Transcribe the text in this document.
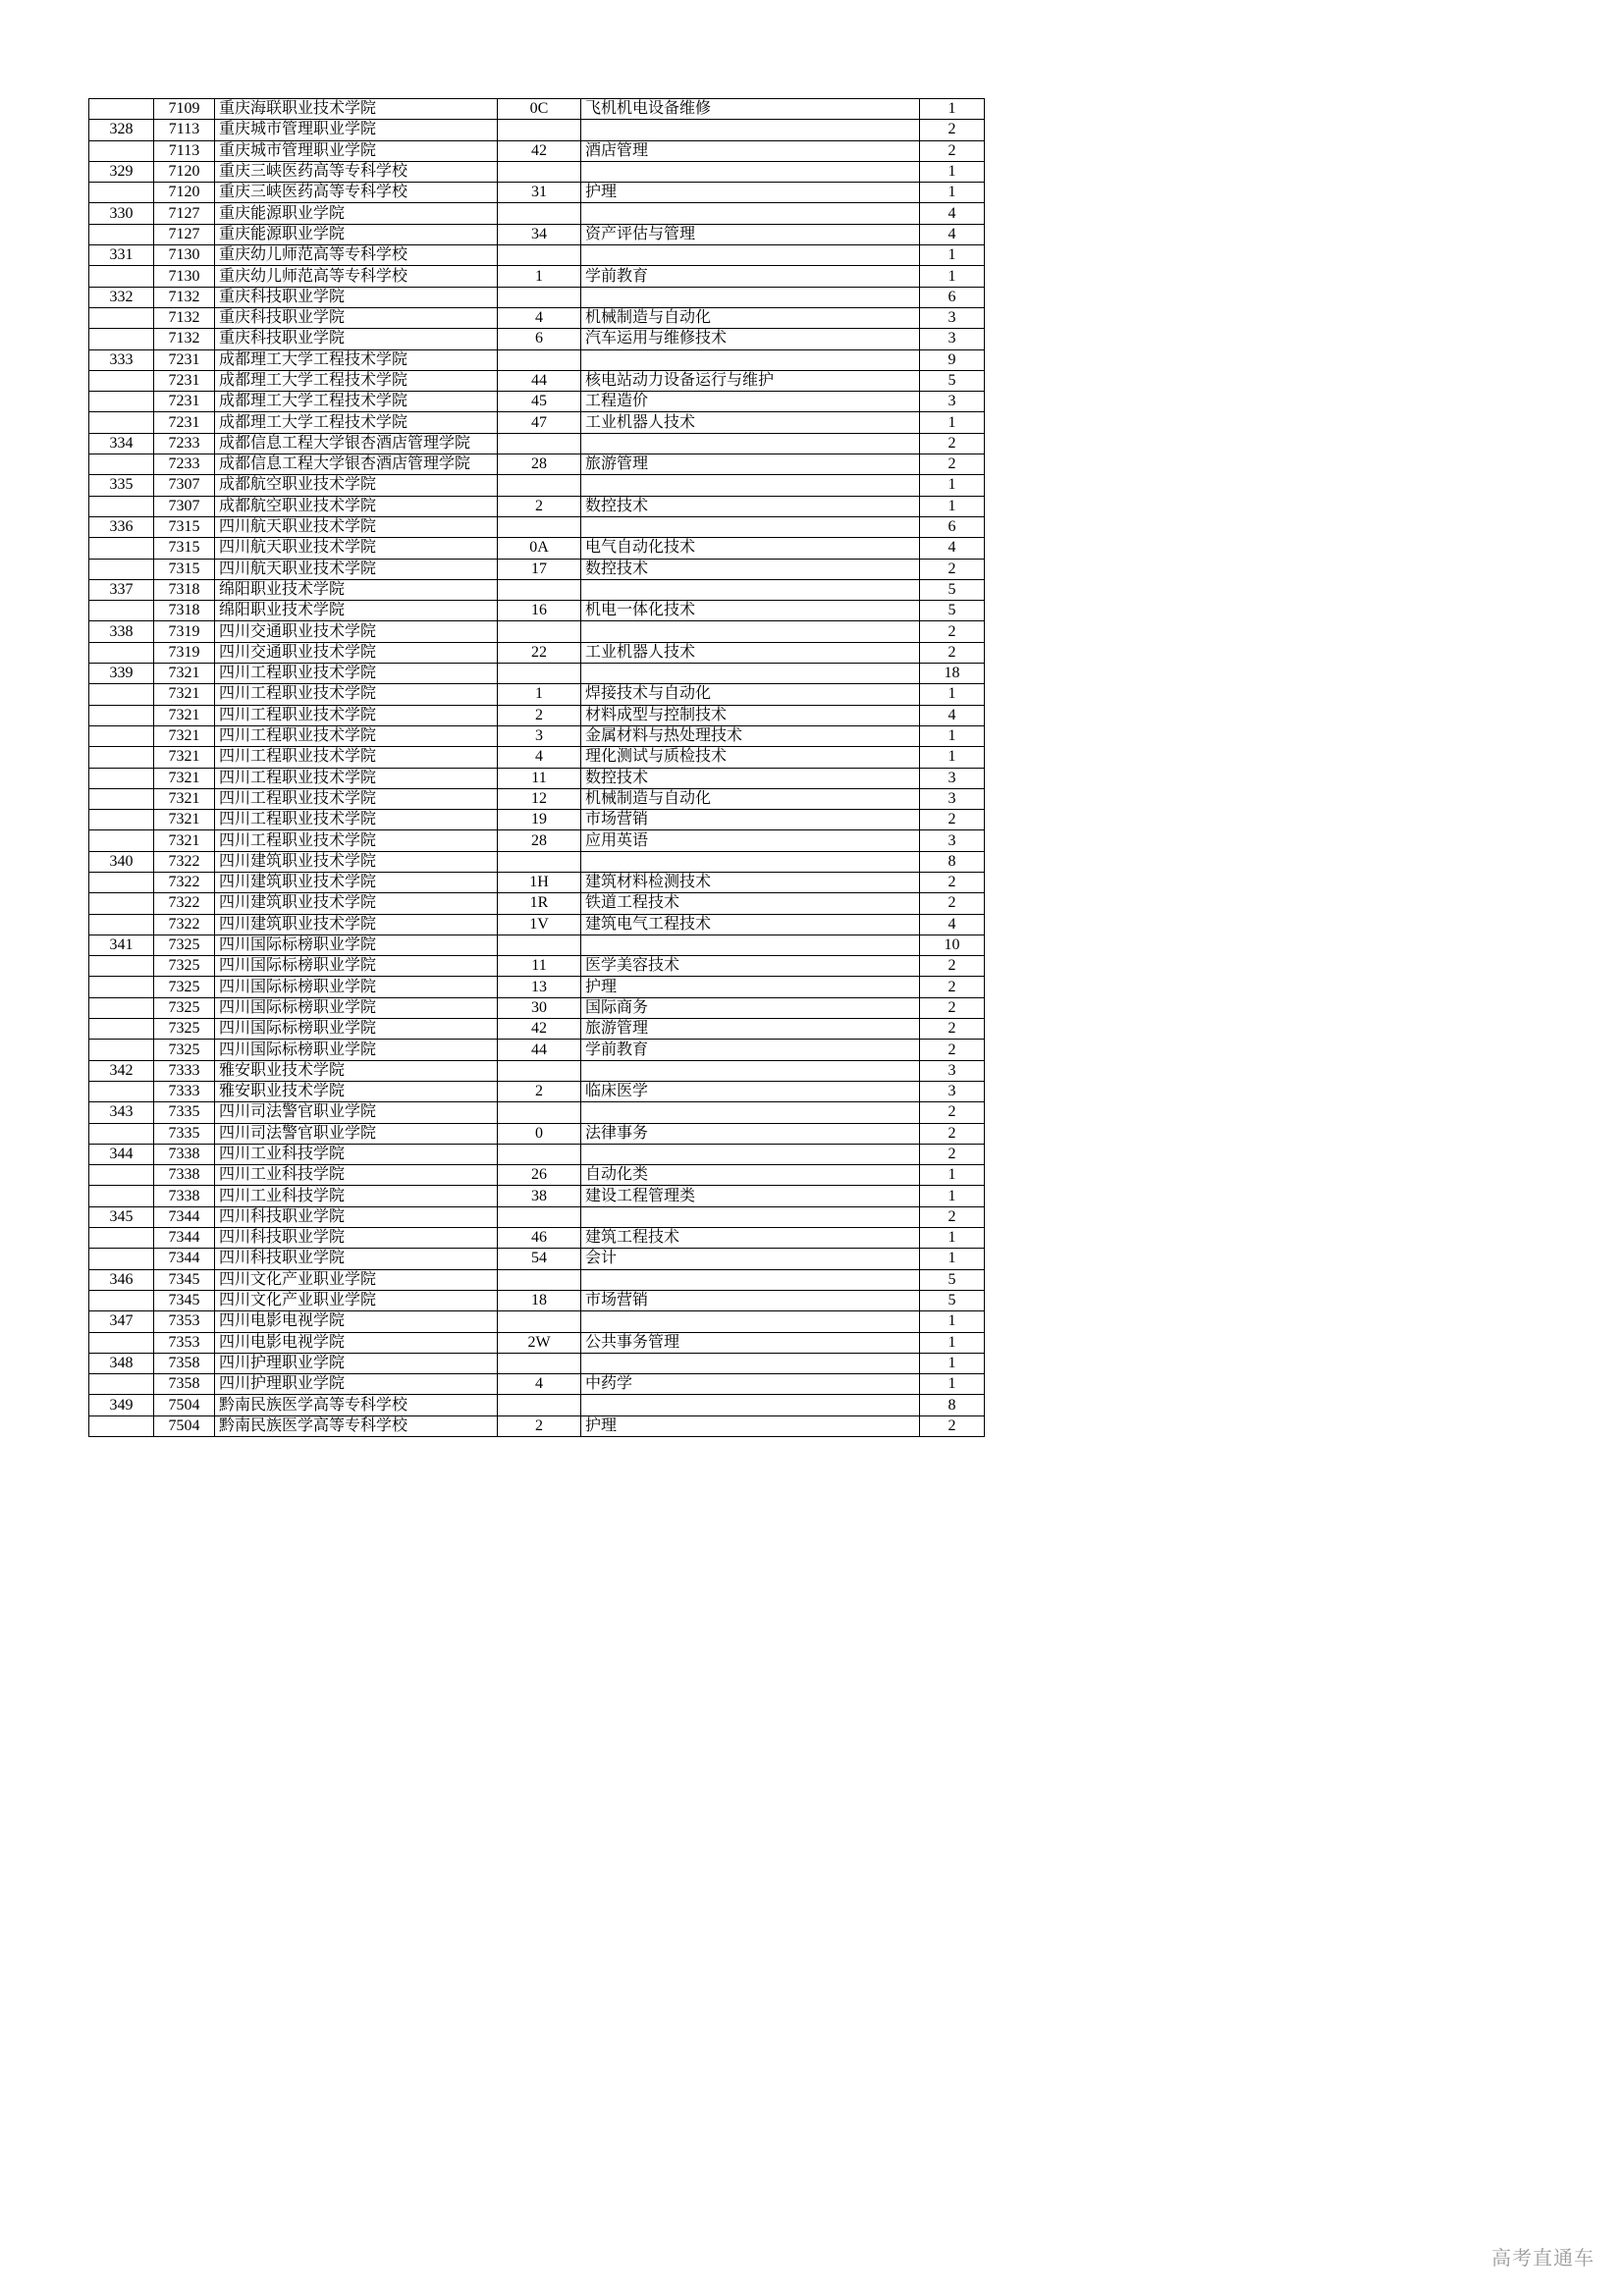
	7109	重庆海联职业技术学院	0C	飞机机电设备维修	1
328	7113	重庆城市管理职业学院			2
	7113	重庆城市管理职业学院	42	酒店管理	2
329	7120	重庆三峡医药高等专科学校			1
	7120	重庆三峡医药高等专科学校	31	护理	1
330	7127	重庆能源职业学院			4
	7127	重庆能源职业学院	34	资产评估与管理	4
331	7130	重庆幼儿师范高等专科学校			1
	7130	重庆幼儿师范高等专科学校	1	学前教育	1
332	7132	重庆科技职业学院			6
	7132	重庆科技职业学院	4	机械制造与自动化	3
	7132	重庆科技职业学院	6	汽车运用与维修技术	3
333	7231	成都理工大学工程技术学院			9
	7231	成都理工大学工程技术学院	44	核电站动力设备运行与维护	5
	7231	成都理工大学工程技术学院	45	工程造价	3
	7231	成都理工大学工程技术学院	47	工业机器人技术	1
334	7233	成都信息工程大学银杏酒店管理学院			2
	7233	成都信息工程大学银杏酒店管理学院	28	旅游管理	2
335	7307	成都航空职业技术学院			1
	7307	成都航空职业技术学院	2	数控技术	1
336	7315	四川航天职业技术学院			6
	7315	四川航天职业技术学院	0A	电气自动化技术	4
	7315	四川航天职业技术学院	17	数控技术	2
337	7318	绵阳职业技术学院			5
	7318	绵阳职业技术学院	16	机电一体化技术	5
338	7319	四川交通职业技术学院			2
	7319	四川交通职业技术学院	22	工业机器人技术	2
339	7321	四川工程职业技术学院			18
	7321	四川工程职业技术学院	1	焊接技术与自动化	1
	7321	四川工程职业技术学院	2	材料成型与控制技术	4
	7321	四川工程职业技术学院	3	金属材料与热处理技术	1
	7321	四川工程职业技术学院	4	理化测试与质检技术	1
	7321	四川工程职业技术学院	11	数控技术	3
	7321	四川工程职业技术学院	12	机械制造与自动化	3
	7321	四川工程职业技术学院	19	市场营销	2
	7321	四川工程职业技术学院	28	应用英语	3
340	7322	四川建筑职业技术学院			8
	7322	四川建筑职业技术学院	1H	建筑材料检测技术	2
	7322	四川建筑职业技术学院	1R	铁道工程技术	2
	7322	四川建筑职业技术学院	1V	建筑电气工程技术	4
341	7325	四川国际标榜职业学院			10
	7325	四川国际标榜职业学院	11	医学美容技术	2
	7325	四川国际标榜职业学院	13	护理	2
	7325	四川国际标榜职业学院	30	国际商务	2
	7325	四川国际标榜职业学院	42	旅游管理	2
	7325	四川国际标榜职业学院	44	学前教育	2
342	7333	雅安职业技术学院			3
	7333	雅安职业技术学院	2	临床医学	3
343	7335	四川司法警官职业学院			2
	7335	四川司法警官职业学院	0	法律事务	2
344	7338	四川工业科技学院			2
	7338	四川工业科技学院	26	自动化类	1
	7338	四川工业科技学院	38	建设工程管理类	1
345	7344	四川科技职业学院			2
	7344	四川科技职业学院	46	建筑工程技术	1
	7344	四川科技职业学院	54	会计	1
346	7345	四川文化产业职业学院			5
	7345	四川文化产业职业学院	18	市场营销	5
347	7353	四川电影电视学院			1
	7353	四川电影电视学院	2W	公共事务管理	1
348	7358	四川护理职业学院			1
	7358	四川护理职业学院	4	中药学	1
349	7504	黔南民族医学高等专科学校			8
	7504	黔南民族医学高等专科学校	2	护理	2
高考直通车
